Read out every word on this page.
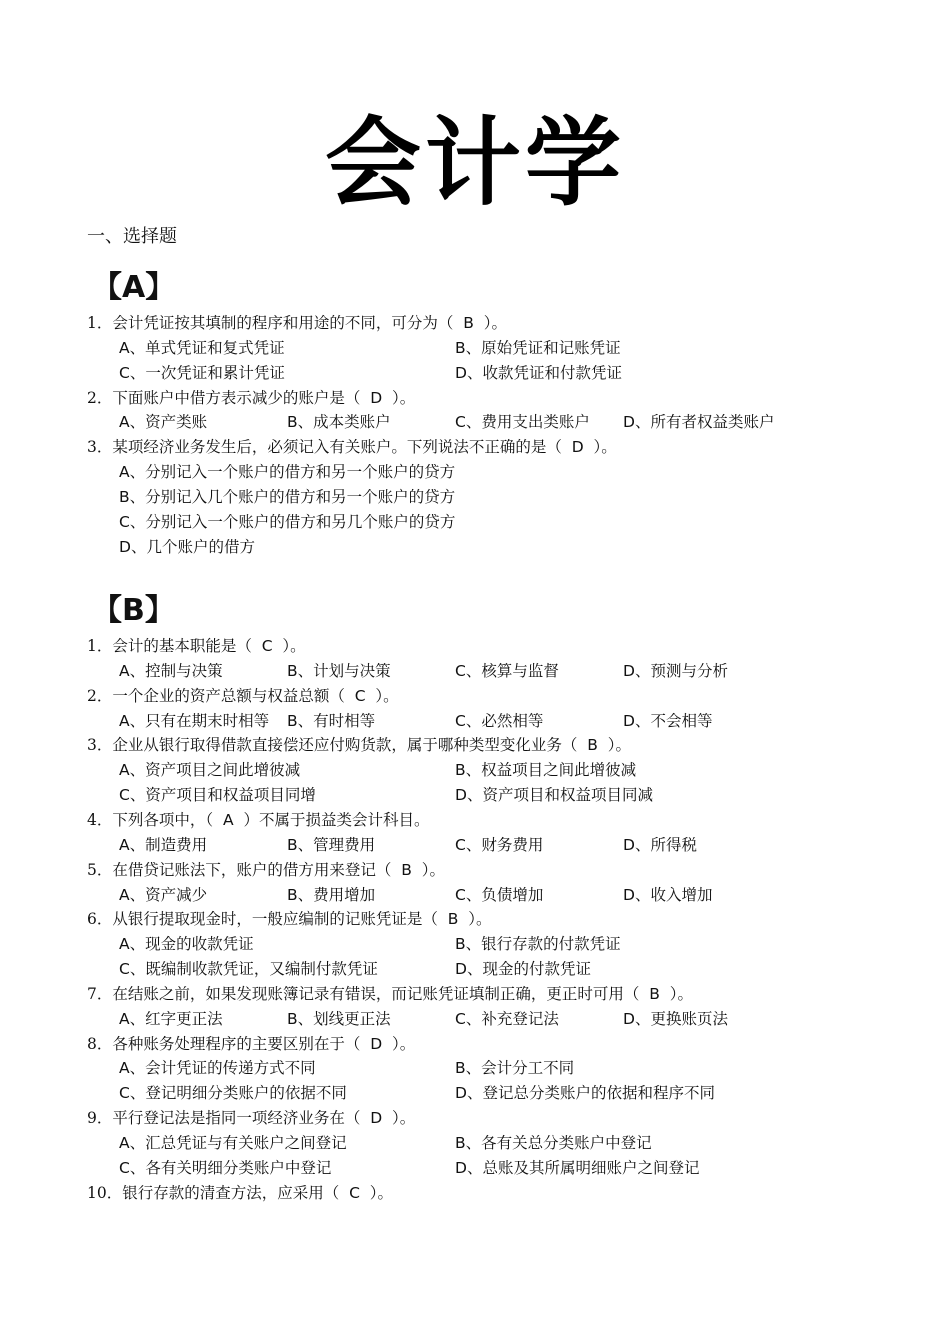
会计学
一、选择题
【A】
1．会计凭证按其填制的程序和用途的不同，可分为（  B  ）。
A、单式凭证和复式凭证	B、原始凭证和记账凭证
C、一次凭证和累计凭证	D、收款凭证和付款凭证
2．下面账户中借方表示减少的账户是（  D  ）。
A、资产类账	B、成本类账户	C、费用支出类账户 D、所有者权益类账户
3．某项经济业务发生后，必须记入有关账户。下列说法不正确的是（  D  ）。
A、分别记入一个账户的借方和另一个账户的贷方
B、分别记入几个账户的借方和另一个账户的贷方
C、分别记入一个账户的借方和另几个账户的贷方
D、几个账户的借方
【B】
1．会计的基本职能是（  C  ）。
A、控制与决策	B、计划与决策	C、核算与监督	D、预测与分析
2．一个企业的资产总额与权益总额（  C  ）。
A、只有在期末时相等 B、有时相等	C、必然相等	D、不会相等
3．企业从银行取得借款直接偿还应付购货款，属于哪种类型变化业务（  B  ）。
A、资产项目之间此增彼减	B、权益项目之间此增彼减
C、资产项目和权益项目同增	D、资产项目和权益项目同减
4．下列各项中，（  A  ）不属于损益类会计科目。
A、制造费用	B、管理费用	C、财务费用	D、所得税
5．在借贷记账法下，账户的借方用来登记（  B  ）。
A、资产减少	B、费用增加	C、负债增加	D、收入增加
6．从银行提取现金时，一般应编制的记账凭证是（  B  ）。
A、现金的收款凭证	B、银行存款的付款凭证
C、既编制收款凭证，又编制付款凭证	D、现金的付款凭证
7．在结账之前，如果发现账簿记录有错误，而记账凭证填制正确，更正时可用（  B  ）。
A、红字更正法	B、划线更正法	C、补充登记法	D、更换账页法
8．各种账务处理程序的主要区别在于（  D  ）。
A、会计凭证的传递方式不同	B、会计分工不同
C、登记明细分类账户的依据不同	D、登记总分类账户的依据和程序不同
9．平行登记法是指同一项经济业务在（  D  ）。
A、汇总凭证与有关账户之间登记	B、各有关总分类账户中登记
C、各有关明细分类账户中登记	D、总账及其所属明细账户之间登记
10．银行存款的清查方法，应采用（  C  ）。
